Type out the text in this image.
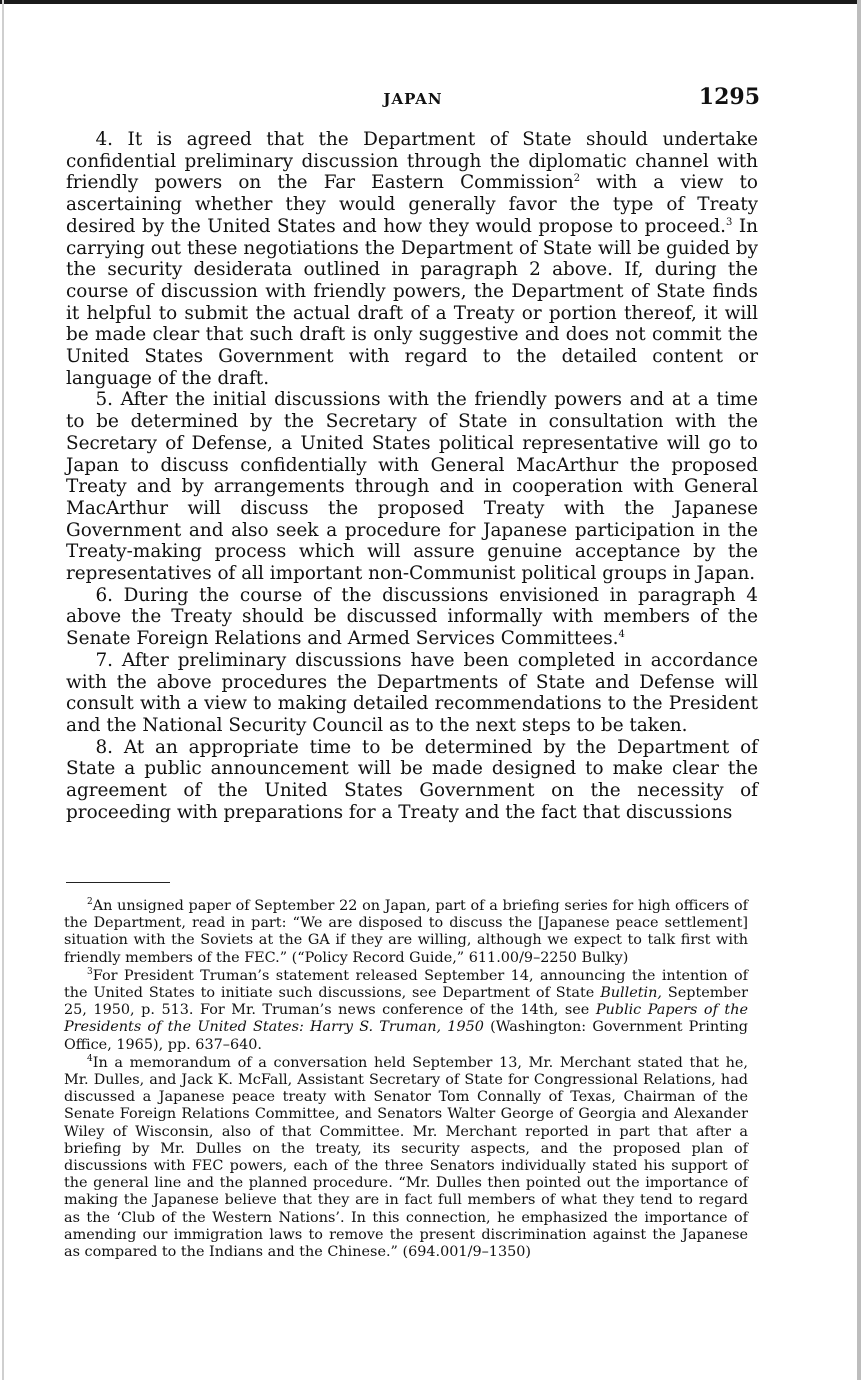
JAPAN	1295

4. It is agreed that the Department of State should undertake confidential preliminary discussion through the diplomatic channel with friendly powers on the Far Eastern Commission$^2$ with a view to ascertaining whether they would generally favor the type of Treaty desired by the United States and how they would propose to proceed.$^3$ In carrying out these negotiations the Department of State will be guided by the security desiderata outlined in paragraph 2 above. If, during the course of discussion with friendly powers, the Department of State finds it helpful to submit the actual draft of a Treaty or portion thereof, it will be made clear that such draft is only suggestive and does not commit the United States Government with regard to the detailed content or language of the draft.

5. After the initial discussions with the friendly powers and at a time to be determined by the Secretary of State in consultation with the Secretary of Defense, a United States political representative will go to Japan to discuss confidentially with General MacArthur the proposed Treaty and by arrangements through and in cooperation with General MacArthur will discuss the proposed Treaty with the Japanese Government and also seek a procedure for Japanese participation in the Treaty-making process which will assure genuine acceptance by the representatives of all important non-Communist political groups in Japan.

6. During the course of the discussions envisioned in paragraph 4 above the Treaty should be discussed informally with members of the Senate Foreign Relations and Armed Services Committees.$^4$

7. After preliminary discussions have been completed in accordance with the above procedures the Departments of State and Defense will consult with a view to making detailed recommendations to the President and the National Security Council as to the next steps to be taken.

8. At an appropriate time to be determined by the Department of State a public announcement will be made designed to make clear the agreement of the United States Government on the necessity of proceeding with preparations for a Treaty and the fact that discussions

$^2$An unsigned paper of September 22 on Japan, part of a briefing series for high officers of the Department, read in part: “We are disposed to discuss the [Japanese peace settlement] situation with the Soviets at the GA if they are willing, although we expect to talk first with friendly members of the FEC.” (“Policy Record Guide,” 611.00/9–2250 Bulky)

$^3$For President Truman’s statement released September 14, announcing the intention of the United States to initiate such discussions, see Department of State Bulletin, September 25, 1950, p. 513. For Mr. Truman’s news conference of the 14th, see Public Papers of the Presidents of the United States: Harry S. Truman, 1950 (Washington: Government Printing Office, 1965), pp. 637–640.

$^4$In a memorandum of a conversation held September 13, Mr. Merchant stated that he, Mr. Dulles, and Jack K. McFall, Assistant Secretary of State for Congressional Relations, had discussed a Japanese peace treaty with Senator Tom Connally of Texas, Chairman of the Senate Foreign Relations Committee, and Senators Walter George of Georgia and Alexander Wiley of Wisconsin, also of that Committee. Mr. Merchant reported in part that after a briefing by Mr. Dulles on the treaty, its security aspects, and the proposed plan of discussions with FEC powers, each of the three Senators individually stated his support of the general line and the planned procedure. “Mr. Dulles then pointed out the importance of making the Japanese believe that they are in fact full members of what they tend to regard as the ‘Club of the Western Nations’. In this connection, he emphasized the importance of amending our immigration laws to remove the present discrimination against the Japanese as compared to the Indians and the Chinese.” (694.001/9–1350)
